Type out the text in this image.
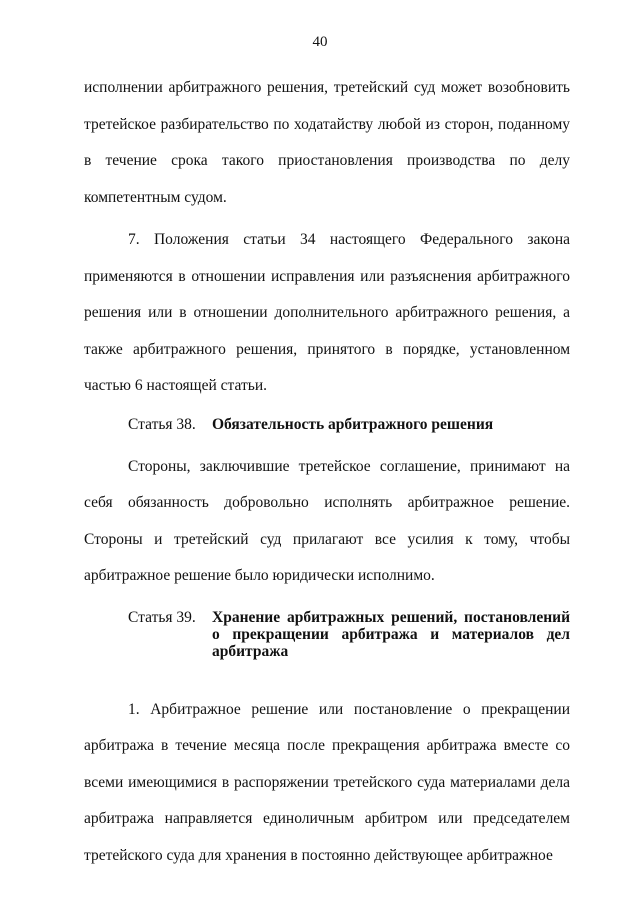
40

исполнении арбитражного решения, третейский суд может возобновить третейское разбирательство по ходатайству любой из сторон, поданному в течение срока такого приостановления производства по делу компетентным судом.

7. Положения статьи 34 настоящего Федерального закона применяются в отношении исправления или разъяснения арбитражного решения или в отношении дополнительного арбитражного решения, а также арбитражного решения, принятого в порядке, установленном частью 6 настоящей статьи.

Статья 38.	Обязательность арбитражного решения

Стороны, заключившие третейское соглашение, принимают на себя обязанность добровольно исполнять арбитражное решение. Стороны и третейский суд прилагают все усилия к тому, чтобы арбитражное решение было юридически исполнимо.

Статья 39.	Хранение арбитражных решений, постановлений
о прекращении арбитража и материалов дел
арбитража

1. Арбитражное решение или постановление о прекращении арбитража в течение месяца после прекращения арбитража вместе со всеми имеющимися в распоряжении третейского суда материалами дела арбитража направляется единоличным арбитром или председателем третейского суда для хранения в постоянно действующее арбитражное
